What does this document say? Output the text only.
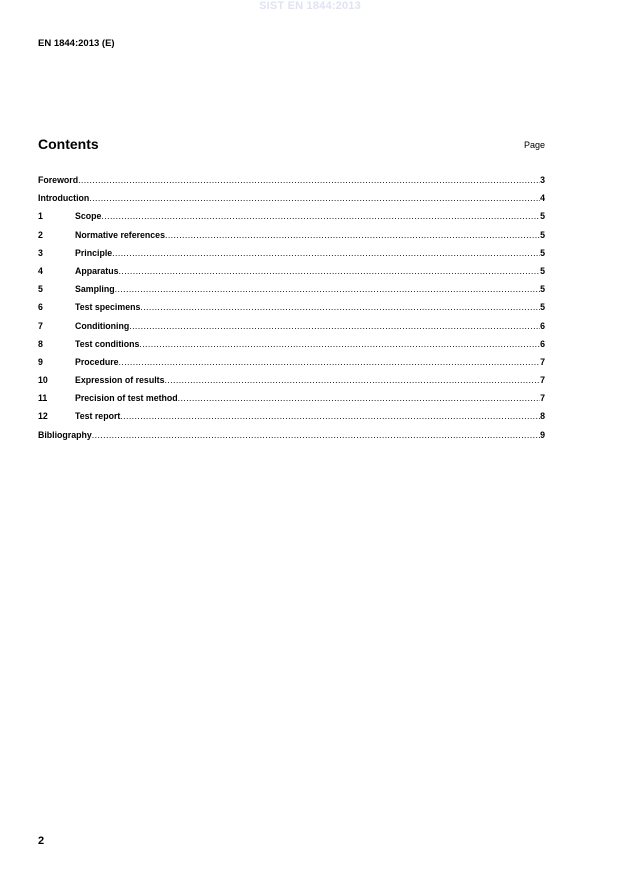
SIST EN 1844:2013
EN 1844:2013 (E)
Contents	Page
Foreword .....	3
Introduction .....	4
1	Scope .....	5
2	Normative references .....	5
3	Principle .....	5
4	Apparatus .....	5
5	Sampling .....	5
6	Test specimens .....	5
7	Conditioning .....	6
8	Test conditions .....	6
9	Procedure .....	7
10	Expression of results .....	7
11	Precision of test method .....	7
12	Test report .....	8
Bibliography .....	9
2
